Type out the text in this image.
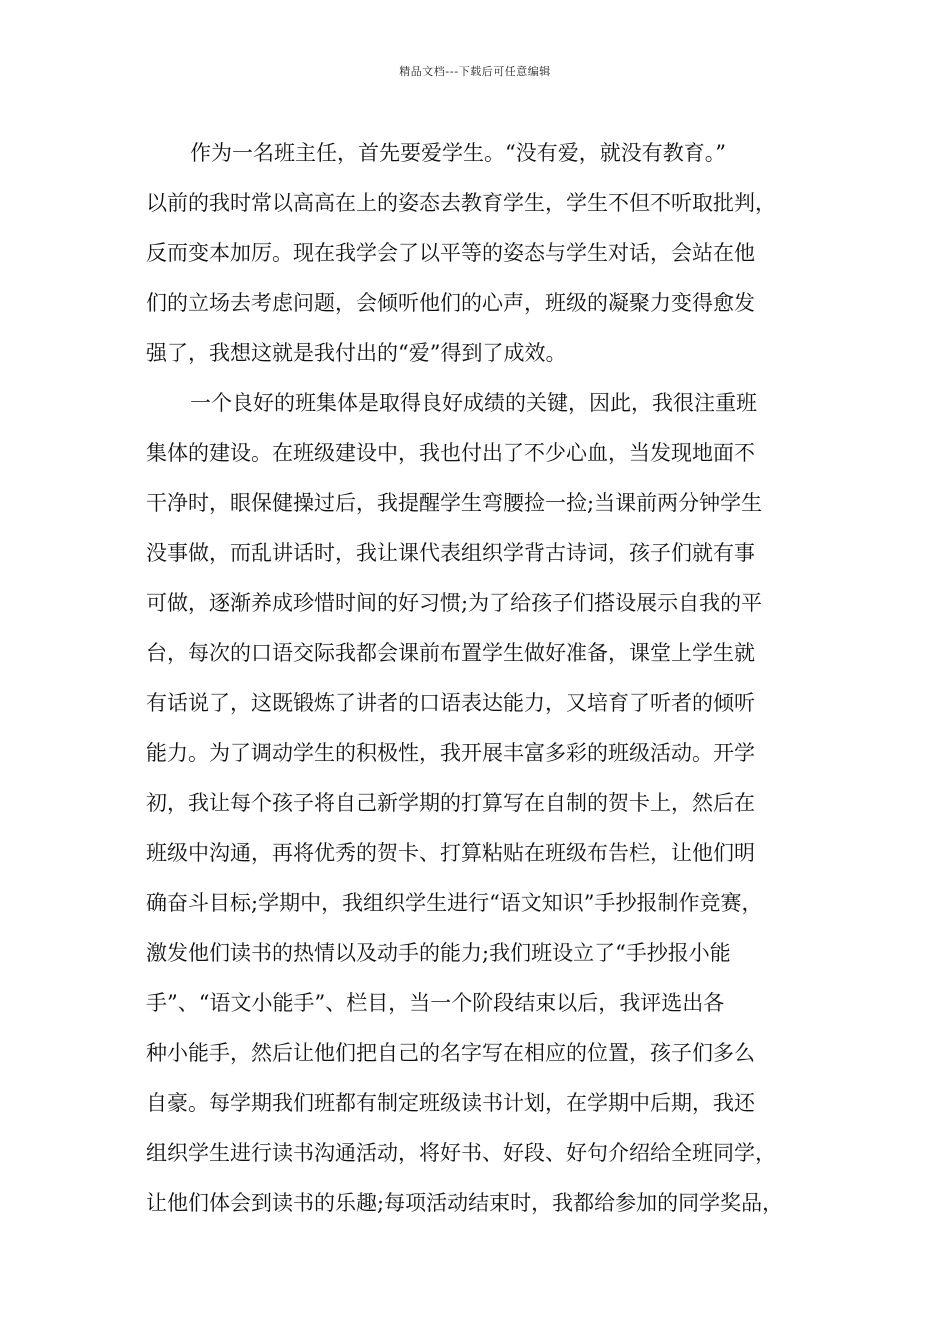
精品文档---下载后可任意编辑
作为一名班主任，首先要爱学生。“没有爱，就没有教育。”
以前的我时常以高高在上的姿态去教育学生，学生不但不听取批判，
反而变本加厉。现在我学会了以平等的姿态与学生对话，会站在他
们的立场去考虑问题，会倾听他们的心声，班级的凝聚力变得愈发
强了，我想这就是我付出的“爱”得到了成效。
一个良好的班集体是取得良好成绩的关键，因此，我很注重班
集体的建设。在班级建设中，我也付出了不少心血，当发现地面不
干净时，眼保健操过后，我提醒学生弯腰捡一捡;当课前两分钟学生
没事做，而乱讲话时，我让课代表组织学背古诗词，孩子们就有事
可做，逐渐养成珍惜时间的好习惯;为了给孩子们搭设展示自我的平
台，每次的口语交际我都会课前布置学生做好准备，课堂上学生就
有话说了，这既锻炼了讲者的口语表达能力，又培育了听者的倾听
能力。为了调动学生的积极性，我开展丰富多彩的班级活动。开学
初，我让每个孩子将自己新学期的打算写在自制的贺卡上，然后在
班级中沟通，再将优秀的贺卡、打算粘贴在班级布告栏，让他们明
确奋斗目标;学期中，我组织学生进行“语文知识”手抄报制作竞赛，
激发他们读书的热情以及动手的能力;我们班设立了“手抄报小能
手”、“语文小能手”、栏目，当一个阶段结束以后，我评选出各
种小能手，然后让他们把自己的名字写在相应的位置，孩子们多么
自豪。每学期我们班都有制定班级读书计划，在学期中后期，我还
组织学生进行读书沟通活动，将好书、好段、好句介绍给全班同学，
让他们体会到读书的乐趣;每项活动结束时，我都给参加的同学奖品，
